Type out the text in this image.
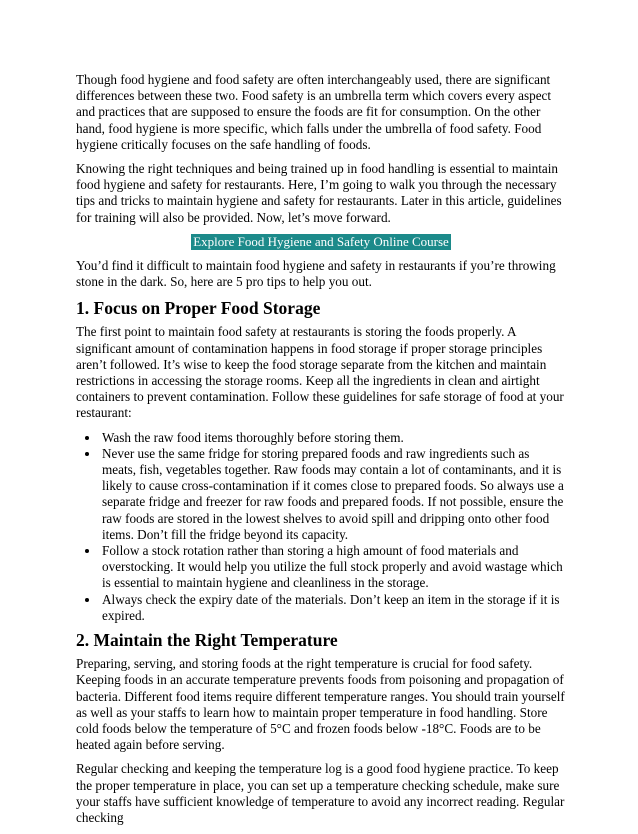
Though food hygiene and food safety are often interchangeably used, there are significant differences between these two. Food safety is an umbrella term which covers every aspect and practices that are supposed to ensure the foods are fit for consumption. On the other hand, food hygiene is more specific, which falls under the umbrella of food safety. Food hygiene critically focuses on the safe handling of foods.

Knowing the right techniques and being trained up in food handling is essential to maintain food hygiene and safety for restaurants. Here, I’m going to walk you through the necessary tips and tricks to maintain hygiene and safety for restaurants. Later in this article, guidelines for training will also be provided. Now, let’s move forward.

Explore Food Hygiene and Safety Online Course

You’d find it difficult to maintain food hygiene and safety in restaurants if you’re throwing stone in the dark. So, here are 5 pro tips to help you out.

1. Focus on Proper Food Storage

The first point to maintain food safety at restaurants is storing the foods properly. A significant amount of contamination happens in food storage if proper storage principles aren’t followed. It’s wise to keep the food storage separate from the kitchen and maintain restrictions in accessing the storage rooms. Keep all the ingredients in clean and airtight containers to prevent contamination. Follow these guidelines for safe storage of food at your restaurant:

• Wash the raw food items thoroughly before storing them.
• Never use the same fridge for storing prepared foods and raw ingredients such as meats, fish, vegetables together. Raw foods may contain a lot of contaminants, and it is likely to cause cross-contamination if it comes close to prepared foods. So always use a separate fridge and freezer for raw foods and prepared foods. If not possible, ensure the raw foods are stored in the lowest shelves to avoid spill and dripping onto other food items. Don’t fill the fridge beyond its capacity.
• Follow a stock rotation rather than storing a high amount of food materials and overstocking. It would help you utilize the full stock properly and avoid wastage which is essential to maintain hygiene and cleanliness in the storage.
• Always check the expiry date of the materials. Don’t keep an item in the storage if it is expired.
2. Maintain the Right Temperature

Preparing, serving, and storing foods at the right temperature is crucial for food safety. Keeping foods in an accurate temperature prevents foods from poisoning and propagation of bacteria. Different food items require different temperature ranges. You should train yourself as well as your staffs to learn how to maintain proper temperature in food handling. Store cold foods below the temperature of 5°C and frozen foods below -18°C. Foods are to be heated again before serving.

Regular checking and keeping the temperature log is a good food hygiene practice. To keep the proper temperature in place, you can set up a temperature checking schedule, make sure your staffs have sufficient knowledge of temperature to avoid any incorrect reading. Regular checking
